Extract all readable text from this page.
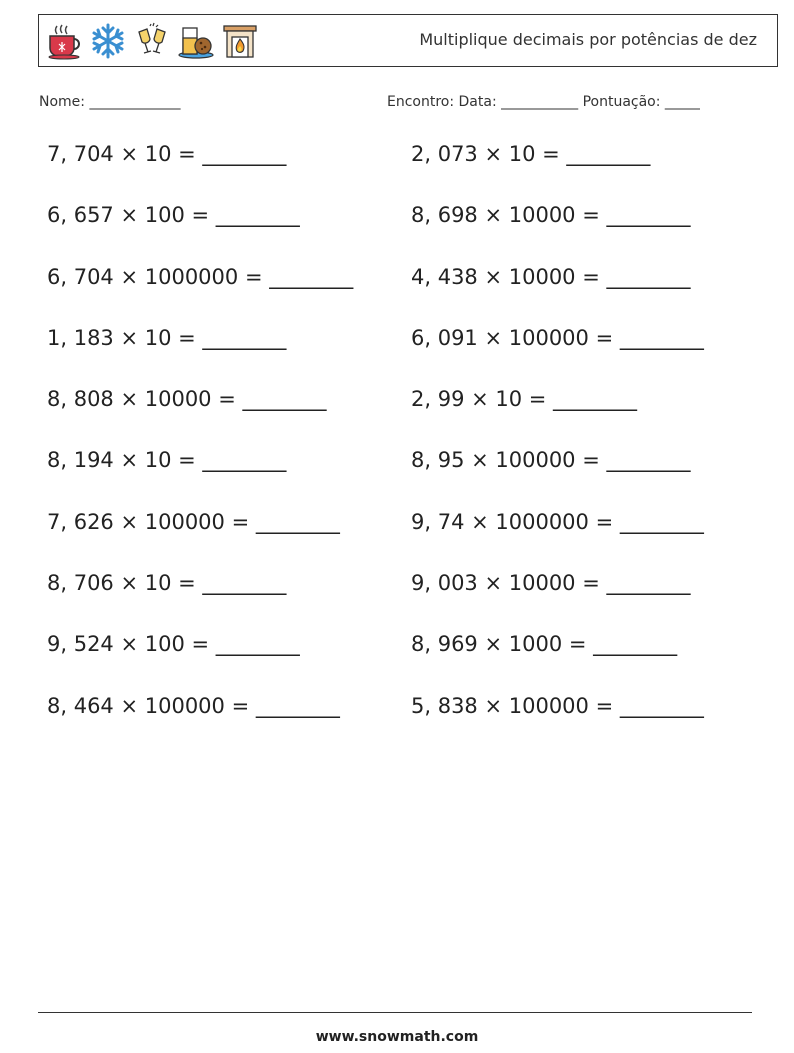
Multiplique decimais por potências de dez
Nome: _____________	Encontro: Data: ___________ Pontuação: _____
7, 704 × 10 = ________	2, 073 × 10 = ________
6, 657 × 100 = ________	8, 698 × 10000 = ________
6, 704 × 1000000 = ________	4, 438 × 10000 = ________
1, 183 × 10 = ________	6, 091 × 100000 = ________
8, 808 × 10000 = ________	2, 99 × 10 = ________
8, 194 × 10 = ________	8, 95 × 100000 = ________
7, 626 × 100000 = ________	9, 74 × 1000000 = ________
8, 706 × 10 = ________	9, 003 × 10000 = ________
9, 524 × 100 = ________	8, 969 × 1000 = ________
8, 464 × 100000 = ________	5, 838 × 100000 = ________
www.snowmath.com
